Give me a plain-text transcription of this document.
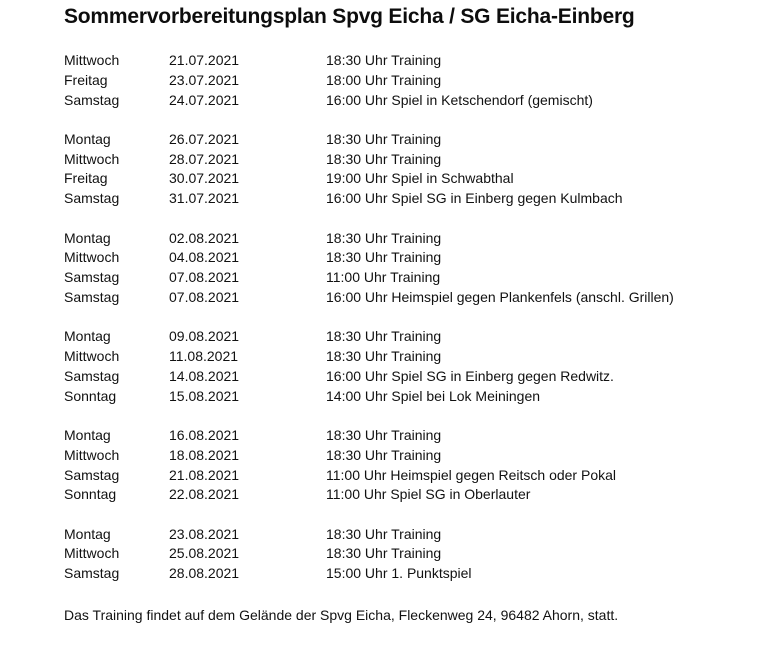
Sommervorbereitungsplan Spvg Eicha / SG Eicha-Einberg
Mittwoch	21.07.2021	18:30 Uhr Training
Freitag	23.07.2021	18:00 Uhr Training
Samstag	24.07.2021	16:00 Uhr Spiel in Ketschendorf (gemischt)
Montag	26.07.2021	18:30 Uhr Training
Mittwoch	28.07.2021	18:30 Uhr Training
Freitag	30.07.2021	19:00 Uhr Spiel in Schwabthal
Samstag	31.07.2021	16:00 Uhr Spiel SG in Einberg gegen Kulmbach
Montag	02.08.2021	18:30 Uhr Training
Mittwoch	04.08.2021	18:30 Uhr Training
Samstag	07.08.2021	11:00 Uhr Training
Samstag	07.08.2021	16:00 Uhr Heimspiel gegen Plankenfels (anschl. Grillen)
Montag	09.08.2021	18:30 Uhr Training
Mittwoch	11.08.2021	18:30 Uhr Training
Samstag	14.08.2021	16:00 Uhr Spiel SG in Einberg gegen Redwitz.
Sonntag	15.08.2021	14:00 Uhr Spiel bei Lok Meiningen
Montag	16.08.2021	18:30 Uhr Training
Mittwoch	18.08.2021	18:30 Uhr Training
Samstag	21.08.2021	11:00 Uhr Heimspiel gegen Reitsch oder Pokal
Sonntag	22.08.2021	11:00 Uhr Spiel SG in Oberlauter
Montag	23.08.2021	18:30 Uhr Training
Mittwoch	25.08.2021	18:30 Uhr Training
Samstag	28.08.2021	15:00 Uhr 1. Punktspiel
Das Training findet auf dem Gelände der Spvg Eicha, Fleckenweg 24, 96482 Ahorn, statt.
